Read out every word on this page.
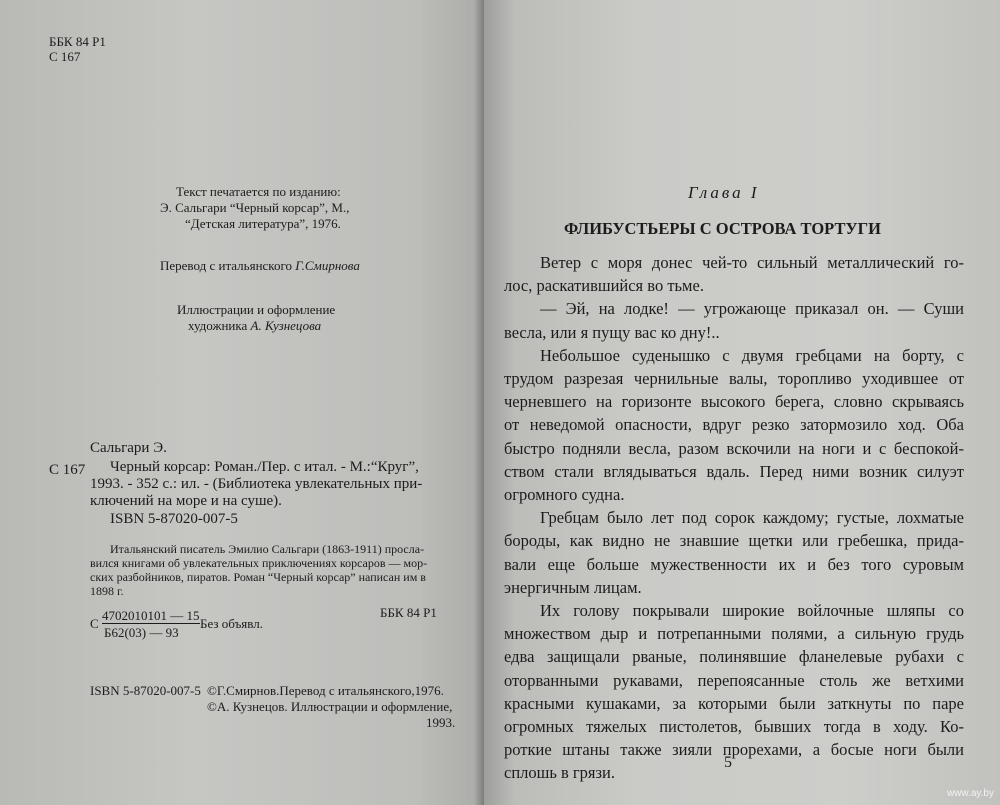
ББК 84 Р1
С 167
Текст печатается по изданию:
Э. Сальгари “Черный корсар”, М.,
“Детская литература”, 1976.
Перевод с итальянского Г.Смирнова
Иллюстрации и оформление
художника А. Кузнецова
Сальгари Э.
С 167 Черный корсар: Роман./Пер. с итал. - М.:“Круг”,
1993. - 352 с.: ил. - (Библиотека увлекательных при-
ключений на море и на суше).
ISBN 5-87020-007-5
Итальянский писатель Эмилио Сальгари (1863-1911) просла-
вился книгами об увлекательных приключениях корсаров — мор-
ских разбойников, пиратов. Роман “Черный корсар” написан им в
1898 г.
С
4702010101 — 15
Б62(03) — 93
Без объявл.
ББК 84 Р1
ISBN 5-87020-007-5 ©Г.Смирнов.Перевод с итальянского,1976.
©А. Кузнецов. Иллюстрации и оформление,
1993.
Глава I
ФЛИБУСТЬЕРЫ С ОСТРОВА ТОРТУГИ
Ветер с моря донес чей-то сильный металлический го-
лос, раскатившийся во тьме.
— Эй, на лодке! — угрожающе приказал он. — Суши
весла, или я пущу вас ко дну!..
Небольшое суденышко с двумя гребцами на борту, с
трудом разрезая чернильные валы, торопливо уходившее от
черневшего на горизонте высокого берега, словно скрываясь
от неведомой опасности, вдруг резко затормозило ход. Оба
быстро подняли весла, разом вскочили на ноги и с беспокой-
ством стали вглядываться вдаль. Перед ними возник силуэт
огромного судна.
Гребцам было лет под сорок каждому; густые, лохматые
бороды, как видно не знавшие щетки или гребешка, прида-
вали еще больше мужественности их и без того суровым
энергичным лицам.
Их голову покрывали широкие войлочные шляпы со
множеством дыр и потрепанными полями, а сильную грудь
едва защищали рваные, полинявшие фланелевые рубахи с
оторванными рукавами, перепоясанные столь же ветхими
красными кушаками, за которыми были заткнуты по паре
огромных тяжелых пистолетов, бывших тогда в ходу. Ко-
роткие штаны также зияли прорехами, а босые ноги были
сплошь в грязи.
5
www.ay.by
